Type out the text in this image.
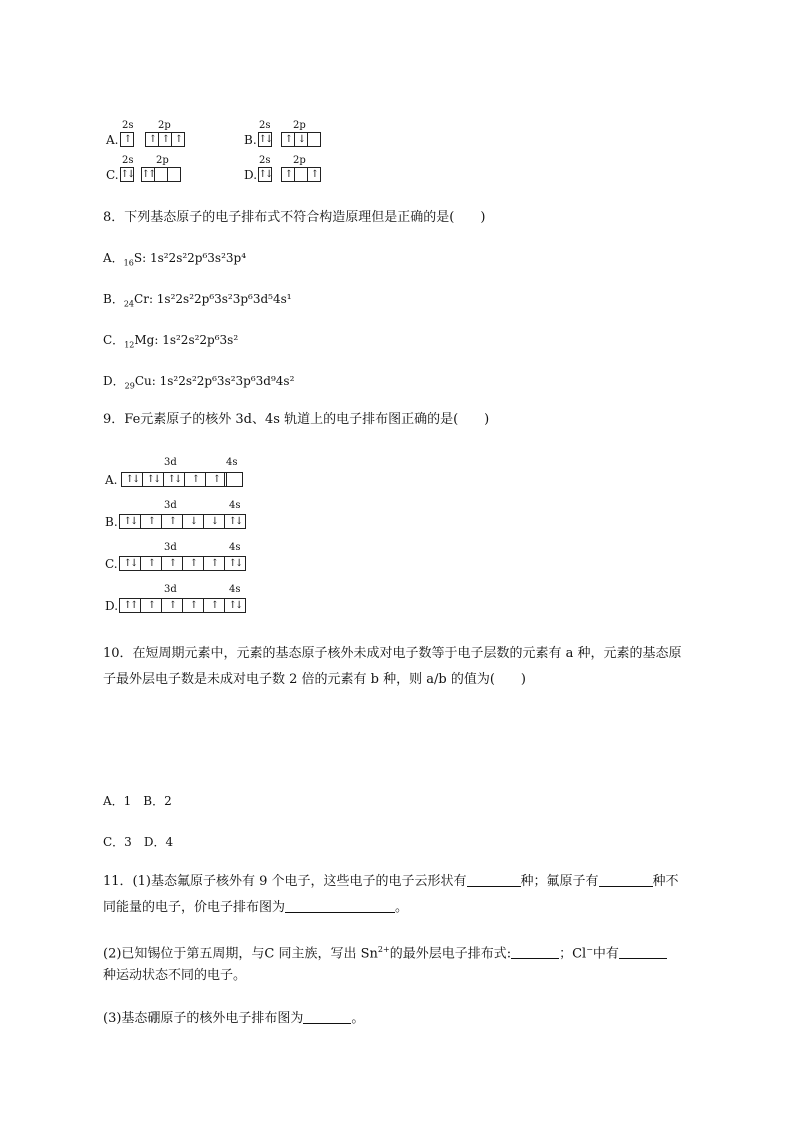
2s 2p
A. ↑	↑ ↑ ↑
2s 2p
B. ↑↓	↑ ↓
2s 2p
C. ↑↓ ↑↑
2s 2p
D. ↑↓	↑	↑
8．下列基态原子的电子排布式不符合构造原理但是正确的是(　　)
A．$_{16}$S: 1s²2s²2p⁶3s²3p⁴
B．$_{24}$Cr: 1s²2s²2p⁶3s²3p⁶3d⁵4s¹
C．$_{12}$Mg: 1s²2s²2p⁶3s²
D．$_{29}$Cu: 1s²2s²2p⁶3s²3p⁶3d⁹4s²
9．Fe元素原子的核外 3d、4s 轨道上的电子排布图正确的是(　　)
3d	4s
A. ↑↓ ↑↓ ↑↓	↑	↑
3d	4s
B. ↑↓	↑	↑	↓	↓	↑↓
3d	4s
C. ↑↓	↑	↑	↑	↑	↑↓
3d	4s
D. ↑↑	↑	↑	↑	↑	↑↓
10．在短周期元素中，元素的基态原子核外未成对电子数等于电子层数的元素有 a 种，元素的基态原
子最外层电子数是未成对电子数 2 倍的元素有 b 种，则 a/b 的值为(　　)
A．1　B．2
C．3　D．4
11．(1)基态氟原子核外有 9 个电子，这些电子的电子云形状有	种；氟原子有	种不
同能量的电子，价电子排布图为	。
(2)已知锡位于第五周期，与C 同主族，写出 $Sn^{2+}$的最外层电子排布式:	；Cl−中有
种运动状态不同的电子。
(3)基态硼原子的核外电子排布图为	。
